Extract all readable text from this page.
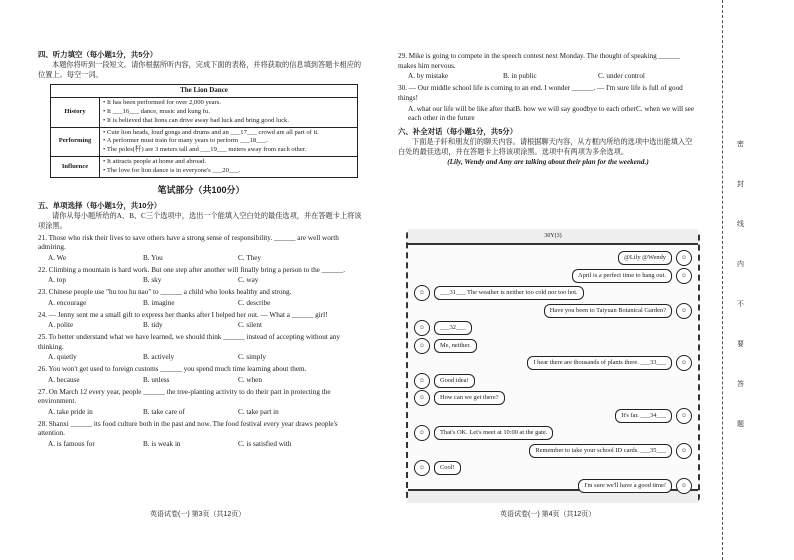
四、听力填空（每小题1分，共5分）
本题你将听到一段短文。请你根据所听内容，完成下面的表格，并将获取的信息填到答题卡相应的位置上。每空一词。
The Lion Dance	
History	• It has been performed for over 2,000 years.
• It ___16___ dance, music and kung fu.
• It is believed that lions can drive away bad luck and bring good luck.

Performing	• Cute lion heads, loud gongs and drums and an ___17___ crowd are all part of it.
• A performer must train for many years to perform ___18___.
• The poles(杆) are 3 meters tall and ___19___ meters away from each other.

Influence	• It attracts people at home and abroad.
• The love for lion dance is in everyone's ___20___.
笔试部分（共100分）
五、单项选择（每小题1分，共10分）
请你从每小题所给的A、B、C三个选项中，选出一个能填入空白处的最佳选项，并在答题卡上将该项涂黑。
21. Those who risk their lives to save others have a strong sense of responsibility. ______ are well worth admiring.
A. We	B. You	C. They
22. Climbing a mountain is hard work. But one step after another will finally bring a person to the ______.
A. top	B. sky	C. way
23. Chinese people use "hu tou hu nao" to ______ a child who looks healthy and strong.
A. encourage	B. imagine	C. describe
24. — Jenny sent me a small gift to express her thanks after I helped her out. — What a ______ girl!
A. polite	B. tidy	C. silent
25. To better understand what we have learned, we should think ______ instead of accepting without any thinking.
A. quietly	B. actively	C. simply
26. You won't get used to foreign customs ______ you spend much time learning about them.
A. because	B. unless	C. when
27. On March 12 every year, people ______ the tree-planting activity to do their part in protecting the environment.
A. take pride in	B. take care of	C. take part in
28. Shanxi ______ its food culture both in the past and now. The food festival every year draws people's attention.
A. is famous for	B. is weak in	C. is satisfied with
英语试卷(一) 第3页（共12页）
29. Mike is going to compete in the speech contest next Monday. The thought of speaking ______ makes him nervous.
A. by mistake	B. in public	C. under control
30. — Our middle school life is coming to an end. I wonder ______. — I'm sure life is full of good things!
A. what our life will be like after thatB. how we will say goodbye to each otherC. when we will see each other in the future
六、补全对话（每小题1分，共5分）
下面是子轩和朋友们的聊天内容。请根据聊天内容，从方框内所给的选项中选出能填入空白处的最佳选项，并在答题卡上将该项涂黑。选项中有两项为多余选项。
(Lily, Wendy and Amy are talking about their plan for the weekend.)
30Y(3)
☺
@Lily @Wendy
☺
April is a perfect time to hang out.
☺	___31___ The weather is neither too cold nor too hot.
☺
Have you been to Taiyuan Botanical Garden?
☺	___32___
☺	Me, neither.
☺
I hear there are thousands of plants there. ___33___
☺	Good idea!
☺	How can we get there?
☺
It's far. ___34___
☺	That's OK. Let's meet at 10:00 at the gate.
☺
Remember to take your school ID cards. ___35___
☺	Cool!
☺
I'm sure we'll have a good time!
英语试卷(一) 第4页（共12页）
密
封
线
内
不
要
答
题
